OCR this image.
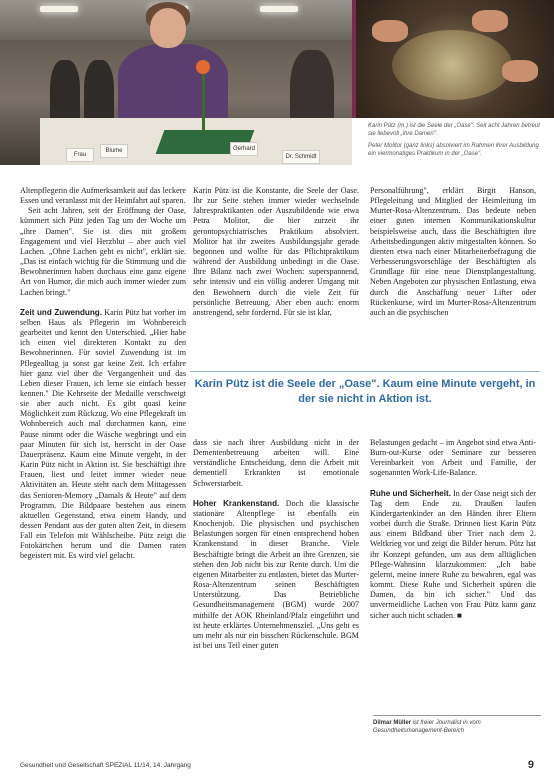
Frau
Blume	Gerhard
Dr. Schmidt

Karin Pütz (m.) ist die Seele der „Oase". Seit acht Jahren betreut sie liebevoll „ihre Damen".

Peter Molitor (ganz links) absolviert im Rahmen ihrer Ausbildung ein viermonatiges Praktikum in der „Oase".

Altenpflegerin die Aufmerksamkeit auf das leckere Essen und veranlasst mit der Heimfahrt auf sparen.

Seit acht Jahren, seit der Eröffnung der Oase, kümmert sich Pütz jeden Tag um der Woche um „ihre Damen". Sie ist dies mit großem Engagement und viel Herzblut – aber auch viel Lachen. „Ohne Lachen geht es nicht", erklärt sie. „Das ist einfach wichtig für die Stimmung und die Bewohnerinnen haben durchaus eine ganz eigene Art von Humor, die mich auch immer wieder zum Lachen bringt."

Zeit und Zuwendung. Karin Pütz hat vorher im selben Haus als Pflegerin im Wohnbereich gearbeitet und kennt den Unterschied. „Hier habe ich einen viel direkteren Kontakt zu den Bewohnerinnen. Für soviel Zuwendung ist im Pflegealltag ja sonst gar keine Zeit. Ich erfahre hier ganz viel über die Vergangenheit und das Leben dieser Frauen, ich lerne sie einfach besser kennen." Die Kehrseite der Medaille verschweigt sie aber auch nicht. Es gibt quasi keine Möglichkeit zum Rückzug. Wo eine Pflegekraft im Wohnbereich auch mal durchatmen kann, eine Pause nimmt oder die Wäsche wegbringt und ein paar Minuten für sich ist, herrscht in der Oase Dauerpräsenz. Kaum eine Minute vergeht, in der Karin Pütz nicht in Aktion ist. Sie beschäftigt ihre Frauen, liest und leitet immer wieder neue Aktivitäten an. Heute steht nach dem Mittagessen das Senioren-Memory „Damals & Heute" auf dem Programm. Die Bildpaare bestehen aus einem aktuellen Gegenstand, etwa einem Handy, und dessen Pendant aus der guten alten Zeit, in diesem Fall ein Telefon mit Wählscheibe. Pütz zeigt die Fotokärtchen herum und die Damen raten begeistert mit. Es wird viel gelacht.

Karin Pütz ist die Konstante, die Seele der Oase. Ihr zur Seite stehen immer wieder wechselnde Jahrespraktikanten oder Auszubildende wie etwa Petra Molitor, die hier zurzeit ihr gerontopsychiatrisches Praktikum absolviert. Molitor hat ihr zweites Ausbildungsjahr gerade begonnen und wollte für das Pflichtpraktikum während der Ausbildung unbedingt in die Oase. Ihre Bilanz nach zwei Wochen: superspannend, sehr intensiv und ein völlig anderer Umgang mit den Bewohnern durch die viele Zeit für persönliche Betreuung. Aber eben auch: enorm anstrengend, sehr fordernd. Für sie ist klar,

dass sie nach ihrer Ausbildung nicht in der Dementenbetreuung arbeiten will. Eine verständliche Entscheidung, denn die Arbeit mit dementiell Erkrankten ist emotionale Schwerstarbeit.

Hoher Krankenstand. Doch die klassische stationäre Altenpflege ist ebenfalls ein Knochenjob. Die physischen und psychischen Belastungen sorgen für einen entsprechend hohen Krankenstand in dieser Branche. Viele Beschäftigte bringt die Arbeit an ihre Grenzen, sie stehen den Job nicht bis zur Rente durch. Um die eigenen Mitarbeiter zu entlasten, bietet das Murter-Rosa-Altenzentrum seinen Beschäftigten Unterstützung. Das Betriebliche Gesundheitsmanagement (BGM) wurde 2007 mithilfe der AOK Rheinland/Pfalz eingeführt und ist heute erklärtes Unternehmensziel. „Uns geht es um mehr als nur ein bisschen Rückenschule. BGM ist bei uns Teil einer guten

Personalführung", erklärt Birgit Hanson, Pflegeleitung und Mitglied der Heimleitung im Murter-Rosa-Altenzentrum. Das bedeute neben einer guten internen Kommunikationskultur beispielsweise auch, dass die Beschäftigten ihre Arbeitsbedingungen aktiv mitgestalten können. So dienten etwa nach einer Mitarbeiterbefragung die Verbesserungsvorschläge der Beschäftigten als Grundlage für eine neue Dienstplangestaltung. Neben Angeboten zur physischen Entlastung, etwa durch die Anschaffung neuer Lifter oder Rückenkurse, wird im Murter-Rosa-Altenzentrum auch an die psychischen

Belastungen gedacht – im Angebot sind etwa Anti-Burn-out-Kurse oder Seminare zur besseren Vereinbarkeit von Arbeit und Familie, der sogenannten Work-Life-Balance.

Ruhe und Sicherheit. In der Oase neigt sich der Tag dem Ende zu. Draußen laufen Kindergartenkinder an den Händen ihrer Eltern vorbei durch die Straße. Drinnen liest Karin Pütz aus einem Bildband über Trier nach dem 2. Weltkrieg vor und zeigt die Bilder herum. Pütz hat ihr Konzept gefunden, um aus dem alltäglichen Pflege-Wahnsinn klarzukommen: „Ich habe gelernt, meine innere Ruhe zu bewahren, egal was kommt. Diese Ruhe und Sicherheit spüren die Damen, da bin ich sicher." Und das unvermeidliche Lachen von Frau Pütz kann ganz sicher auch nicht schaden. ■

Karin Pütz ist die Seele der „Oase". Kaum eine Minute vergeht, in der sie nicht in Aktion ist.
Dilmar Müller ist freier Journalist in vom Gesundheitsmanagement-Bereich
Gesundheit und Gesellschaft SPEZIAL 11/14, 14. Jahrgang	9
